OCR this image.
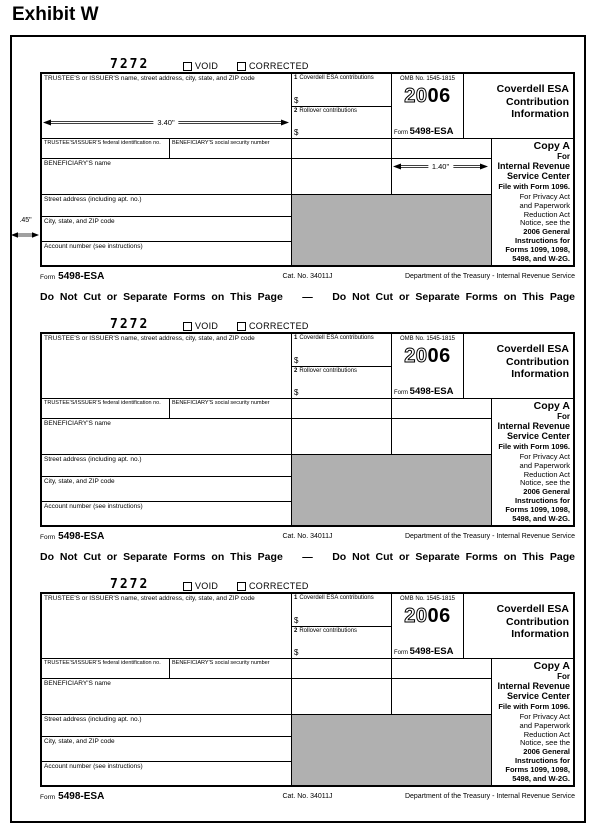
Exhibit W
.45"
7272	VOID	CORRECTED
TRUSTEE'S or ISSUER'S name, street address, city, state, and ZIP code
3.40"
1 Coverdell ESA contributions
$
2 Rollover contributions
$
OMB No. 1545-1815
2006
Form 5498-ESA
Coverdell ESA Contribution Information
TRUSTEE'S/ISSUER'S federal identification no.	BENEFICIARY'S social security number
BENEFICIARY'S name
Street address (including apt. no.)
City, state, and ZIP code
Account number (see instructions)
1.40"
Copy A
For
Internal Revenue
Service Center
File with Form 1096.
For Privacy Act
and Paperwork
Reduction Act
Notice, see the
2006 General
Instructions for
Forms 1099, 1098,
5498, and W-2G.
Form 5498-ESA	Cat. No. 34011J	Department of the Treasury - Internal Revenue Service
Do Not Cut or Separate Forms on This Page — Do Not Cut or Separate Forms on This Page
7272	VOID	CORRECTED
TRUSTEE'S or ISSUER'S name, street address, city, state, and ZIP code	1 Coverdell ESA contributions
$
2 Rollover contributions
$
OMB No. 1545-1815
2006
Form 5498-ESA
Coverdell ESA Contribution Information
TRUSTEE'S/ISSUER'S federal identification no.	BENEFICIARY'S social security number
BENEFICIARY'S name
Street address (including apt. no.)
City, state, and ZIP code
Account number (see instructions)
Copy A
For
Internal Revenue
Service Center
File with Form 1096.
For Privacy Act
and Paperwork
Reduction Act
Notice, see the
2006 General
Instructions for
Forms 1099, 1098,
5498, and W-2G.
Form 5498-ESA	Cat. No. 34011J	Department of the Treasury - Internal Revenue Service
Do Not Cut or Separate Forms on This Page — Do Not Cut or Separate Forms on This Page
7272	VOID	CORRECTED
TRUSTEE'S or ISSUER'S name, street address, city, state, and ZIP code	1 Coverdell ESA contributions
$
2 Rollover contributions
$
OMB No. 1545-1815
2006
Form 5498-ESA
Coverdell ESA Contribution Information
TRUSTEE'S/ISSUER'S federal identification no.	BENEFICIARY'S social security number
BENEFICIARY'S name
Street address (including apt. no.)
City, state, and ZIP code
Account number (see instructions)
Copy A
For
Internal Revenue
Service Center
File with Form 1096.
For Privacy Act
and Paperwork
Reduction Act
Notice, see the
2006 General
Instructions for
Forms 1099, 1098,
5498, and W-2G.
Form 5498-ESA	Cat. No. 34011J	Department of the Treasury - Internal Revenue Service
